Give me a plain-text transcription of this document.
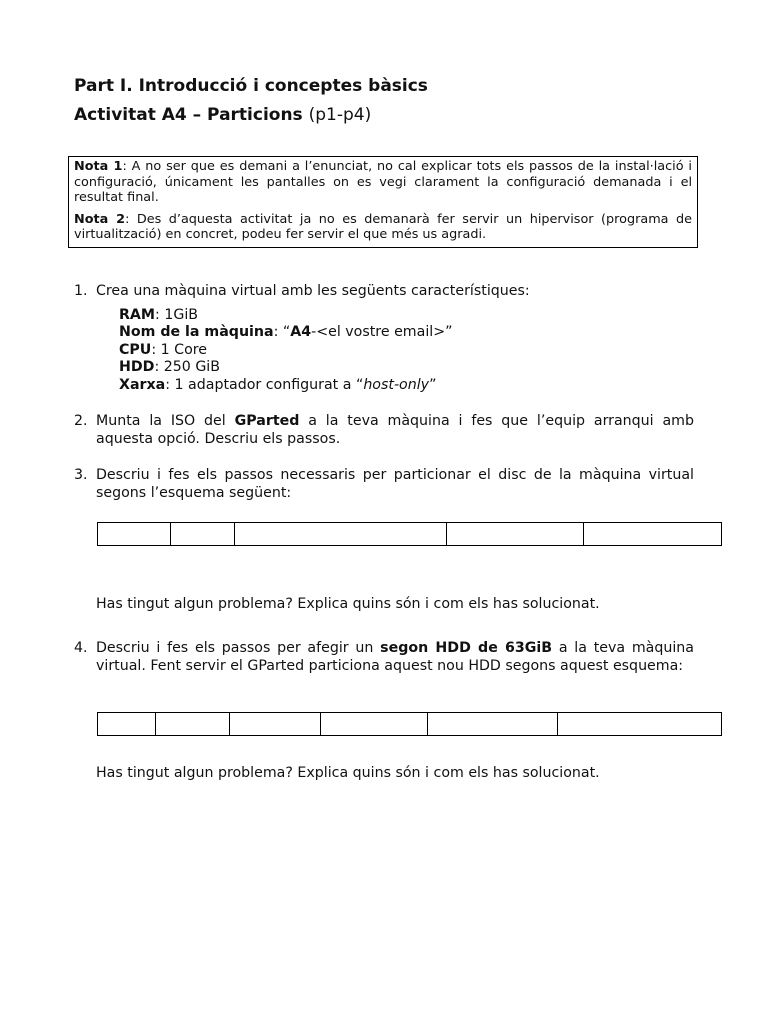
Part I. Introducció i conceptes bàsics
Activitat A4 – Particions (p1-p4)

Nota 1: A no ser que es demani a l’enunciat, no cal explicar tots els passos de la instal·lació i configuració, únicament les pantalles on es vegi clarament la configuració demanada i el resultat final.

Nota 2: Des d’aquesta activitat ja no es demanarà fer servir un hipervisor (programa de virtualització) en concret, podeu fer servir el que més us agradi.

1. Crea una màquina virtual amb les següents característiques:
RAM: 1GiB
Nom de la màquina: “A4-<el vostre email>”
CPU: 1 Core
HDD: 250 GiB
Xarxa: 1 adaptador configurat a “host-only”
2. Munta la ISO del GParted a la teva màquina i fes que l’equip arranqui amb aquesta opció. Descriu els passos.
3. Descriu i fes els passos necessaris per particionar el disc de la màquina virtual segons l’esquema següent:
Has tingut algun problema? Explica quins són i com els has solucionat.
4. Descriu i fes els passos per afegir un segon HDD de 63GiB a la teva màquina virtual. Fent servir el GParted particiona aquest nou HDD segons aquest esquema:
Has tingut algun problema? Explica quins són i com els has solucionat.
